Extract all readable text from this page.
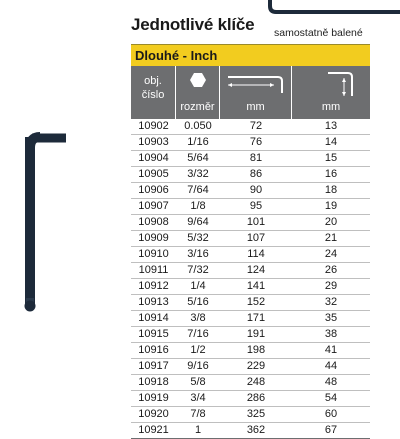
Jednotlivé klíče samostatně balené
Dlouhé - Inch
obj.
číslo
rozměr	mm	mm
10902	0.050	72	13
10903	1/16	76	14
10904	5/64	81	15
10905	3/32	86	16
10906	7/64	90	18
10907	1/8	95	19
10908	9/64	101	20
10909	5/32	107	21
10910	3/16	114	24
10911	7/32	124	26
10912	1/4	141	29
10913	5/16	152	32
10914	3/8	171	35
10915	7/16	191	38
10916	1/2	198	41
10917	9/16	229	44
10918	5/8	248	48
10919	3/4	286	54
10920	7/8	325	60
10921	1	362	67
